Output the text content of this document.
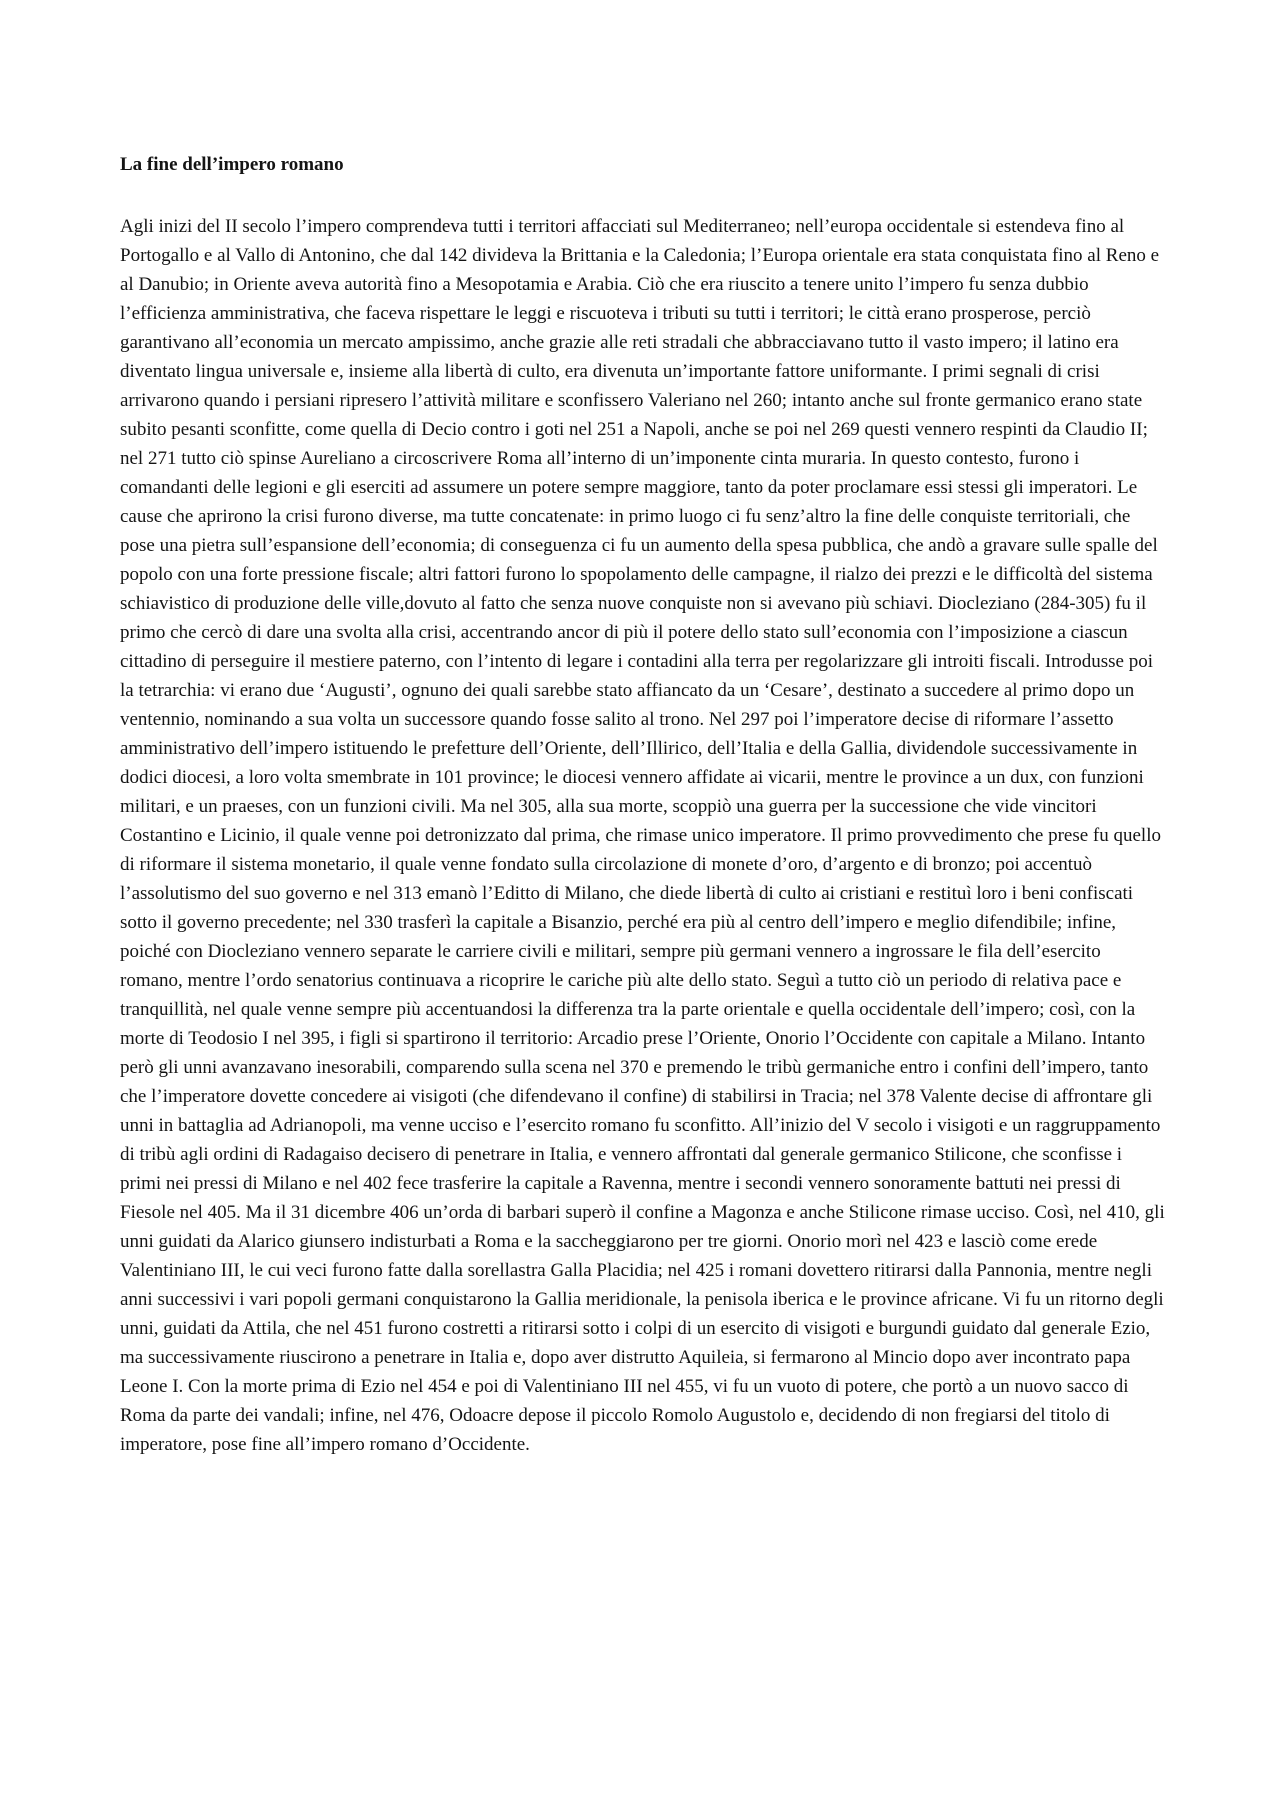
La fine dell’impero romano

Agli inizi del II secolo l’impero comprendeva tutti i territori affacciati sul Mediterraneo; nell’europa occidentale si estendeva fino al Portogallo e al Vallo di Antonino, che dal 142 divideva la Brittania e la Caledonia; l’Europa orientale era stata conquistata fino al Reno e al Danubio; in Oriente aveva autorità fino a Mesopotamia e Arabia. Ciò che era riuscito a tenere unito l’impero fu senza dubbio l’efficienza amministrativa, che faceva rispettare le leggi e riscuoteva i tributi su tutti i territori; le città erano prosperose, perciò garantivano all’economia un mercato ampissimo, anche grazie alle reti stradali che abbracciavano tutto il vasto impero; il latino era diventato lingua universale e, insieme alla libertà di culto, era divenuta un’importante fattore uniformante. I primi segnali di crisi arrivarono quando i persiani ripresero l’attività militare e sconfissero Valeriano nel 260; intanto anche sul fronte germanico erano state subito pesanti sconfitte, come quella di Decio contro i goti nel 251 a Napoli, anche se poi nel 269 questi vennero respinti da Claudio II; nel 271 tutto ciò spinse Aureliano a circoscrivere Roma all’interno di un’imponente cinta muraria. In questo contesto, furono i comandanti delle legioni e gli eserciti ad assumere un potere sempre maggiore, tanto da poter proclamare essi stessi gli imperatori. Le cause che aprirono la crisi furono diverse, ma tutte concatenate: in primo luogo ci fu senz’altro la fine delle conquiste territoriali, che pose una pietra sull’espansione dell’economia; di conseguenza ci fu un aumento della spesa pubblica, che andò a gravare sulle spalle del popolo con una forte pressione fiscale; altri fattori furono lo spopolamento delle campagne, il rialzo dei prezzi e le difficoltà del sistema schiavistico di produzione delle ville,dovuto al fatto che senza nuove conquiste non si avevano più schiavi. Diocleziano (284-305) fu il primo che cercò di dare una svolta alla crisi, accentrando ancor di più il potere dello stato sull’economia con l’imposizione a ciascun cittadino di perseguire il mestiere paterno, con l’intento di legare i contadini alla terra per regolarizzare gli introiti fiscali. Introdusse poi la tetrarchia: vi erano due ‘Augusti’, ognuno dei quali sarebbe stato affiancato da un ‘Cesare’, destinato a succedere al primo dopo un ventennio, nominando a sua volta un successore quando fosse salito al trono. Nel 297 poi l’imperatore decise di riformare l’assetto amministrativo dell’impero istituendo le prefetture dell’Oriente, dell’Illirico, dell’Italia e della Gallia, dividendole successivamente in dodici diocesi, a loro volta smembrate in 101 province; le diocesi vennero affidate ai vicarii, mentre le province a un dux, con funzioni militari, e un praeses, con un funzioni civili. Ma nel 305, alla sua morte, scoppiò una guerra per la successione che vide vincitori Costantino e Licinio, il quale venne poi detronizzato dal prima, che rimase unico imperatore. Il primo provvedimento che prese fu quello di riformare il sistema monetario, il quale venne fondato sulla circolazione di monete d’oro, d’argento e di bronzo; poi accentuò l’assolutismo del suo governo e nel 313 emanò l’Editto di Milano, che diede libertà di culto ai cristiani e restituì loro i beni confiscati sotto il governo precedente; nel 330 trasferì la capitale a Bisanzio, perché era più al centro dell’impero e meglio difendibile; infine, poiché con Diocleziano vennero separate le carriere civili e militari, sempre più germani vennero a ingrossare le fila dell’esercito romano, mentre l’ordo senatorius continuava a ricoprire le cariche più alte dello stato. Seguì a tutto ciò un periodo di relativa pace e tranquillità, nel quale venne sempre più accentuandosi la differenza tra la parte orientale e quella occidentale dell’impero; così, con la morte di Teodosio I nel 395, i figli si spartirono il territorio: Arcadio prese l’Oriente, Onorio l’Occidente con capitale a Milano. Intanto però gli unni avanzavano inesorabili, comparendo sulla scena nel 370 e premendo le tribù germaniche entro i confini dell’impero, tanto che l’imperatore dovette concedere ai visigoti (che difendevano il confine) di stabilirsi in Tracia; nel 378 Valente decise di affrontare gli unni in battaglia ad Adrianopoli, ma venne ucciso e l’esercito romano fu sconfitto. All’inizio del V secolo i visigoti e un raggruppamento di tribù agli ordini di Radagaiso decisero di penetrare in Italia, e vennero affrontati dal generale germanico Stilicone, che sconfisse i primi nei pressi di Milano e nel 402 fece trasferire la capitale a Ravenna, mentre i secondi vennero sonoramente battuti nei pressi di Fiesole nel 405. Ma il 31 dicembre 406 un’orda di barbari superò il confine a Magonza e anche Stilicone rimase ucciso. Così, nel 410, gli unni guidati da Alarico giunsero indisturbati a Roma e la saccheggiarono per tre giorni. Onorio morì nel 423 e lasciò come erede Valentiniano III, le cui veci furono fatte dalla sorellastra Galla Placidia; nel 425 i romani dovettero ritirarsi dalla Pannonia, mentre negli anni successivi i vari popoli germani conquistarono la Gallia meridionale, la penisola iberica e le province africane. Vi fu un ritorno degli unni, guidati da Attila, che nel 451 furono costretti a ritirarsi sotto i colpi di un esercito di visigoti e burgundi guidato dal generale Ezio, ma successivamente riuscirono a penetrare in Italia e, dopo aver distrutto Aquileia, si fermarono al Mincio dopo aver incontrato papa Leone I. Con la morte prima di Ezio nel 454 e poi di Valentiniano III nel 455, vi fu un vuoto di potere, che portò a un nuovo sacco di Roma da parte dei vandali; infine, nel 476, Odoacre depose il piccolo Romolo Augustolo e, decidendo di non fregiarsi del titolo di imperatore, pose fine all’impero romano d’Occidente.
